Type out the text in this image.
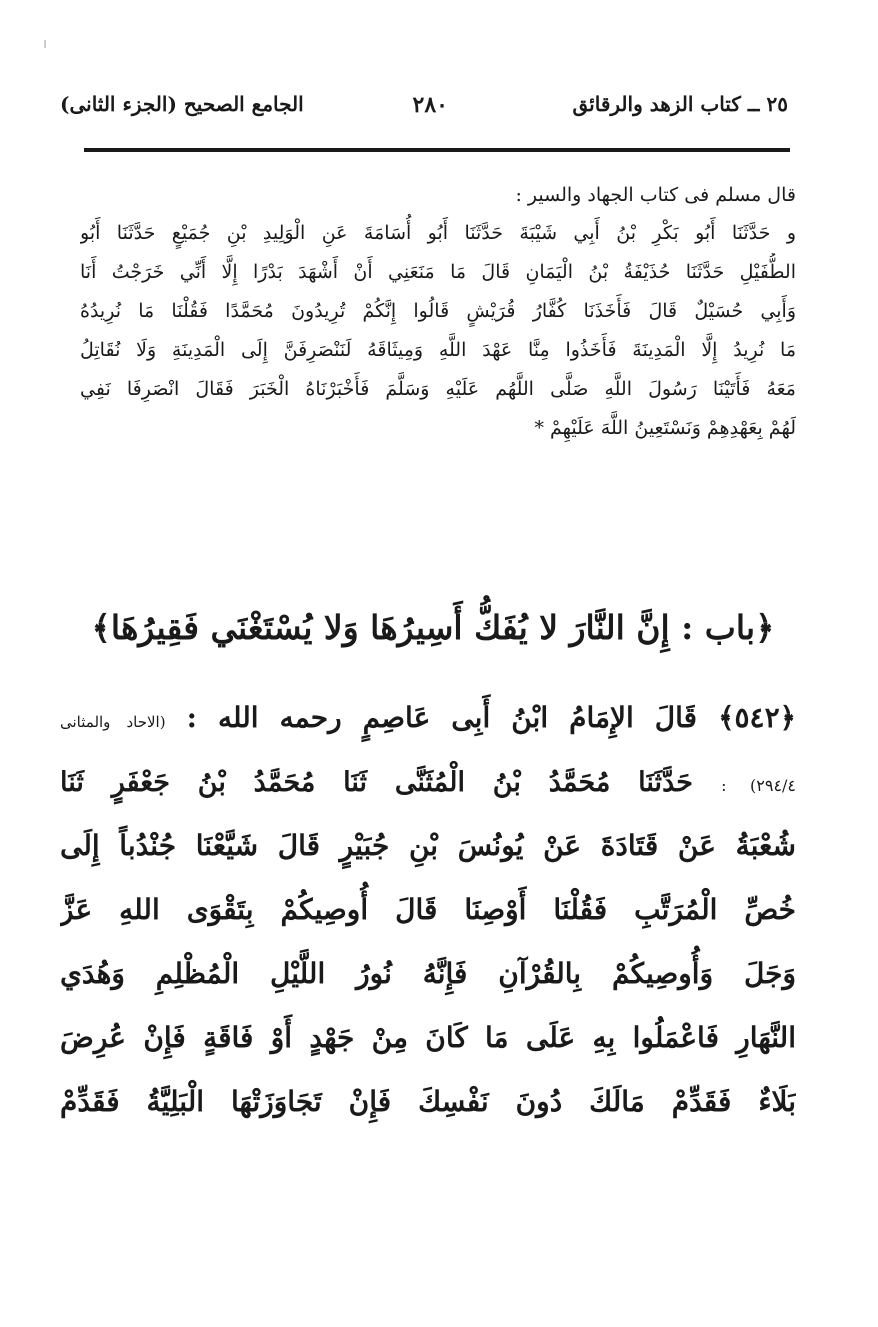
٢٥ ــ كتاب الزهد والرقائق
٢٨٠
الجامع الصحيح (الجزء الثانى)
قال مسلم فى كتاب الجهاد والسير :
و حَدَّثَنَا أَبُو بَكْرِ بْنُ أَبِي شَيْبَةَ حَدَّثَنَا أَبُو أُسَامَةَ عَنِ الْوَلِيدِ بْنِ جُمَيْعٍ حَدَّثَنَا أَبُو
الطُّفَيْلِ حَدَّثَنَا حُذَيْفَةُ بْنُ الْيَمَانِ قَالَ مَا مَنَعَنِي أَنْ أَشْهَدَ بَدْرًا إِلَّا أَنِّي خَرَجْتُ أَنَا
وَأَبِي حُسَيْلٌ قَالَ فَأَخَذَنَا كُفَّارُ قُرَيْشٍ قَالُوا إِنَّكُمْ تُرِيدُونَ مُحَمَّدًا فَقُلْنَا مَا نُرِيدُهُ
مَا نُرِيدُ إِلَّا الْمَدِينَةَ فَأَخَذُوا مِنَّا عَهْدَ اللَّهِ وَمِيثَاقَهُ لَنَنْصَرِفَنَّ إِلَى الْمَدِينَةِ وَلَا نُقَاتِلُ
مَعَهُ فَأَتَيْنَا رَسُولَ اللَّهِ صَلَّى اللَّهُم عَلَيْهِ وَسَلَّمَ فَأَخْبَرْنَاهُ الْخَبَرَ فَقَالَ انْصَرِفَا نَفِي
لَهُمْ بِعَهْدِهِمْ وَنَسْتَعِينُ اللَّهَ عَلَيْهِمْ *
﴿باب : إِنَّ النَّارَ لا يُفَكُّ أَسِيرُهَا وَلا يُسْتَغْنَي فَقِيرُهَا﴾
﴿٥٤٢﴾ قَالَ الإِمَامُ ابْنُ أَبِى عَاصِمٍ رحمه الله : (الاحاد والمثانى
٢٩٤/٤) : حَدَّثَنَا مُحَمَّدُ بْنُ الْمُثَنَّى ثَنَا مُحَمَّدُ بْنُ جَعْفَرٍ ثَنَا
شُعْبَةُ عَنْ قَتَادَةَ عَنْ يُونُسَ بْنِ جُبَيْرٍ قَالَ شَيَّعْنَا جُنْدُباً إِلَى
خُصِّ الْمُرَتَّبِ فَقُلْنَا أَوْصِنَا قَالَ أُوصِيكُمْ بِتَقْوَى اللهِ عَزَّ
وَجَلَ وَأُوصِيكُمْ بِالقُرْآنِ فَإِنَّهُ نُورُ اللَّيْلِ الْمُظْلِمِ وَهُدَي
النَّهَارِ فَاعْمَلُوا بِهِ عَلَى مَا كَانَ مِنْ جَهْدٍ أَوْ فَاقَةٍ فَإِنْ عُرِضَ
بَلَاءٌ فَقَدِّمْ مَالَكَ دُونَ نَفْسِكَ فَإِنْ تَجَاوَزَتْهَا الْبَلِيَّةُ فَقَدِّمْ
